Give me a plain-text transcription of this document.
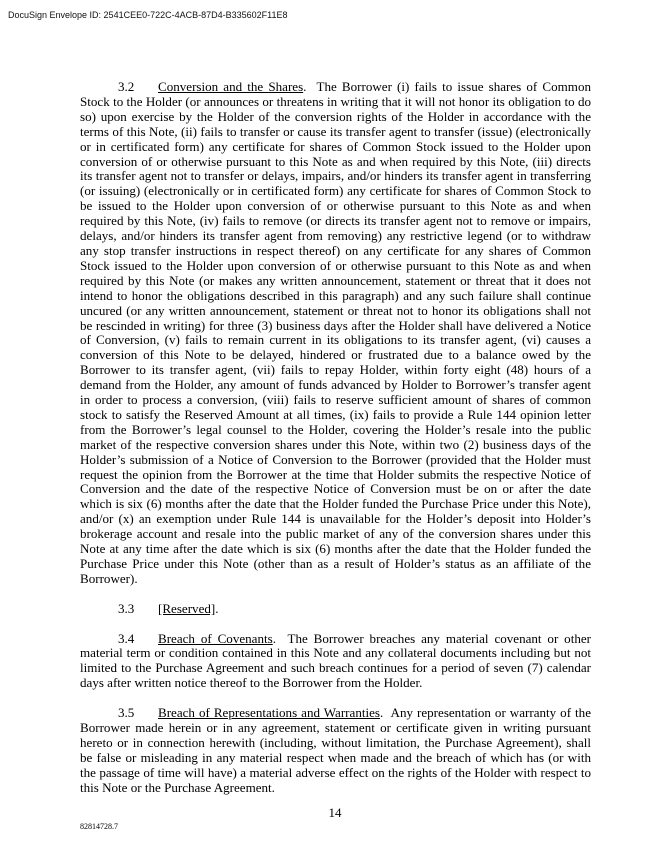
DocuSign Envelope ID: 2541CEE0-722C-4ACB-87D4-B335602F11E8

3.2 Conversion and the Shares. The Borrower (i) fails to issue shares of Common Stock to the Holder (or announces or threatens in writing that it will not honor its obligation to do so) upon exercise by the Holder of the conversion rights of the Holder in accordance with the terms of this Note, (ii) fails to transfer or cause its transfer agent to transfer (issue) (electronically or in certificated form) any certificate for shares of Common Stock issued to the Holder upon conversion of or otherwise pursuant to this Note as and when required by this Note, (iii) directs its transfer agent not to transfer or delays, impairs, and/or hinders its transfer agent in transferring (or issuing) (electronically or in certificated form) any certificate for shares of Common Stock to be issued to the Holder upon conversion of or otherwise pursuant to this Note as and when required by this Note, (iv) fails to remove (or directs its transfer agent not to remove or impairs, delays, and/or hinders its transfer agent from removing) any restrictive legend (or to withdraw any stop transfer instructions in respect thereof) on any certificate for any shares of Common Stock issued to the Holder upon conversion of or otherwise pursuant to this Note as and when required by this Note (or makes any written announcement, statement or threat that it does not intend to honor the obligations described in this paragraph) and any such failure shall continue uncured (or any written announcement, statement or threat not to honor its obligations shall not be rescinded in writing) for three (3) business days after the Holder shall have delivered a Notice of Conversion, (v) fails to remain current in its obligations to its transfer agent, (vi) causes a conversion of this Note to be delayed, hindered or frustrated due to a balance owed by the Borrower to its transfer agent, (vii) fails to repay Holder, within forty eight (48) hours of a demand from the Holder, any amount of funds advanced by Holder to Borrower’s transfer agent in order to process a conversion, (viii) fails to reserve sufficient amount of shares of common stock to satisfy the Reserved Amount at all times, (ix) fails to provide a Rule 144 opinion letter from the Borrower’s legal counsel to the Holder, covering the Holder’s resale into the public market of the respective conversion shares under this Note, within two (2) business days of the Holder’s submission of a Notice of Conversion to the Borrower (provided that the Holder must request the opinion from the Borrower at the time that Holder submits the respective Notice of Conversion and the date of the respective Notice of Conversion must be on or after the date which is six (6) months after the date that the Holder funded the Purchase Price under this Note), and/or (x) an exemption under Rule 144 is unavailable for the Holder’s deposit into Holder’s brokerage account and resale into the public market of any of the conversion shares under this Note at any time after the date which is six (6) months after the date that the Holder funded the Purchase Price under this Note (other than as a result of Holder’s status as an affiliate of the Borrower).

3.3 [Reserved].

3.4 Breach of Covenants. The Borrower breaches any material covenant or other material term or condition contained in this Note and any collateral documents including but not limited to the Purchase Agreement and such breach continues for a period of seven (7) calendar days after written notice thereof to the Borrower from the Holder.

3.5 Breach of Representations and Warranties. Any representation or warranty of the Borrower made herein or in any agreement, statement or certificate given in writing pursuant hereto or in connection herewith (including, without limitation, the Purchase Agreement), shall be false or misleading in any material respect when made and the breach of which has (or with the passage of time will have) a material adverse effect on the rights of the Holder with respect to this Note or the Purchase Agreement.

14
82814728.7
